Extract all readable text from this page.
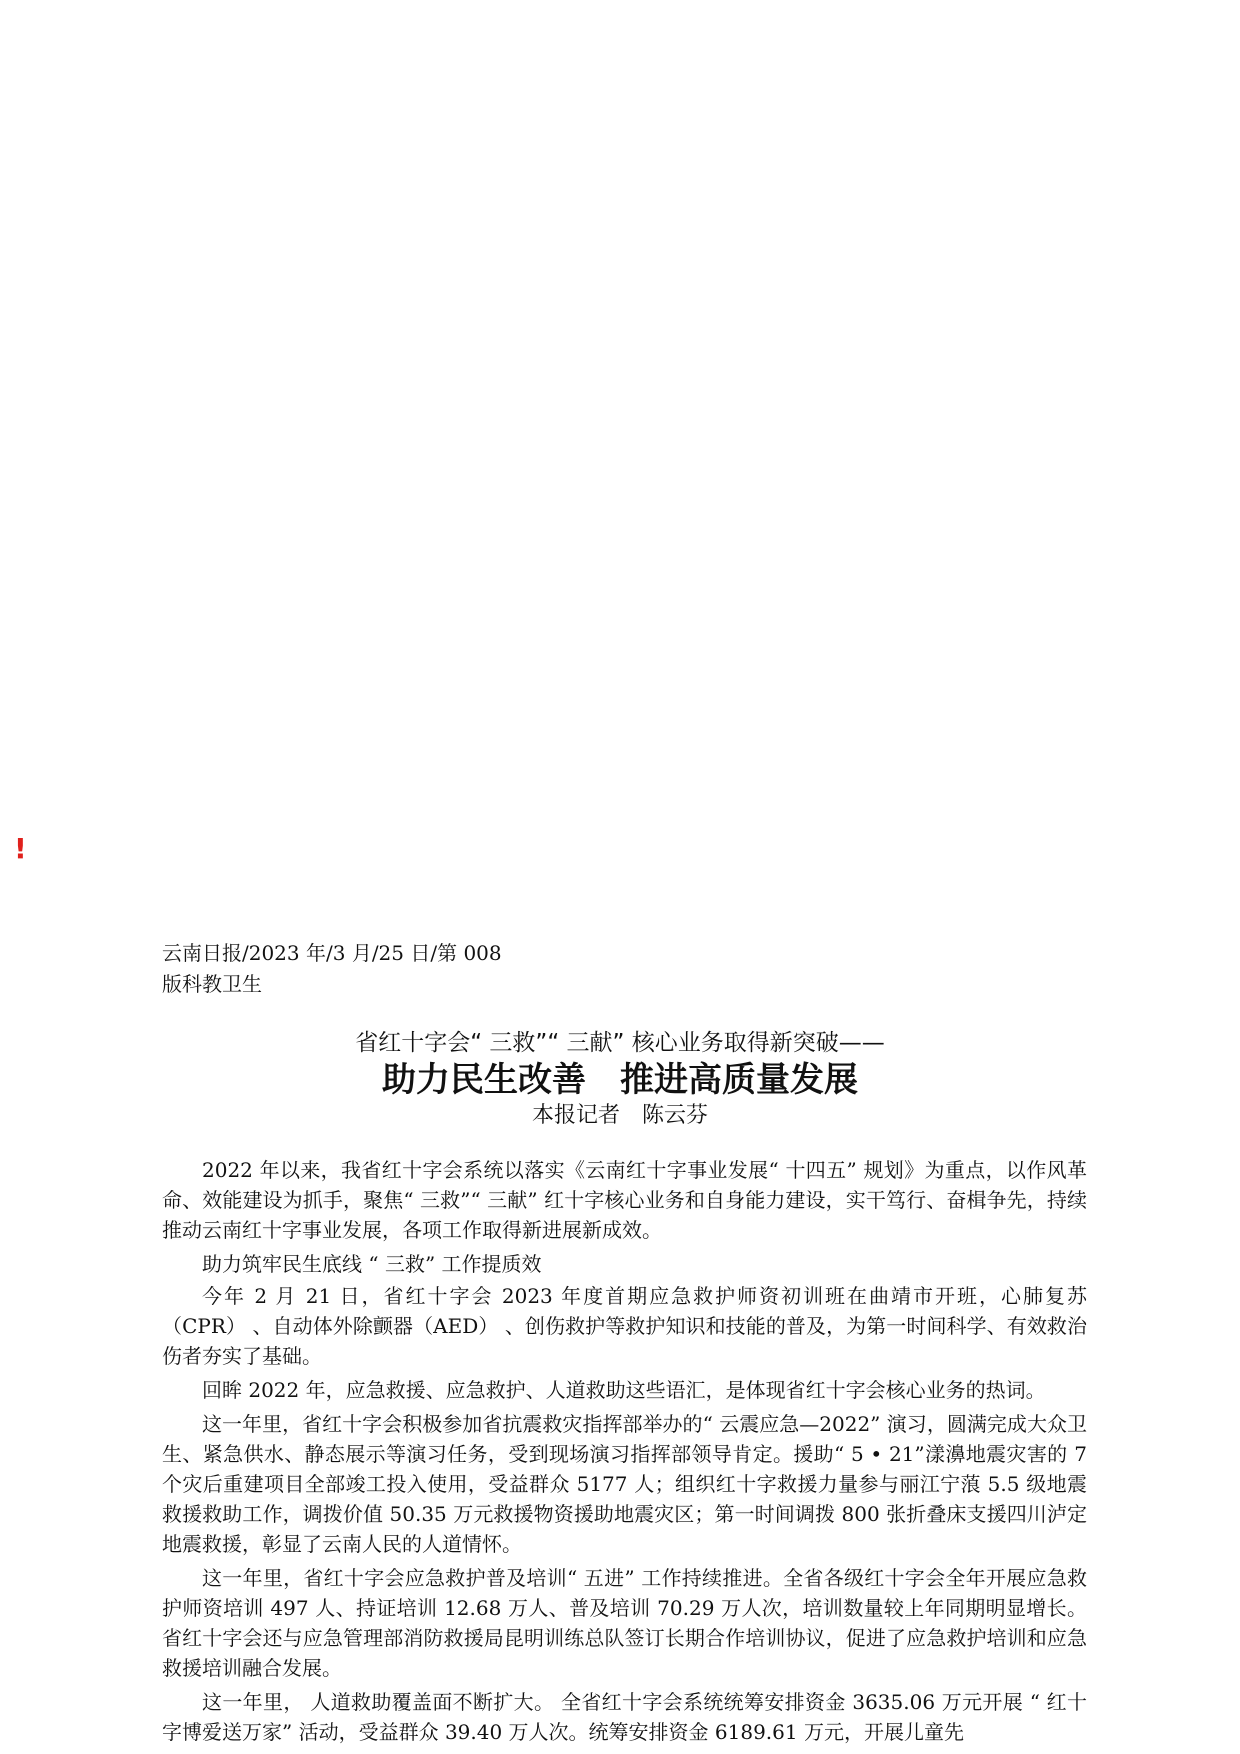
!
云南日报/2023 年/3 月/25 日/第 008
版科教卫生
省红十字会“ 三救”“ 三献” 核心业务取得新突破——
助力民生改善　推进高质量发展
本报记者　陈云芬

2022 年以来，我省红十字会系统以落实《云南红十字事业发展“ 十四五” 规划》为重点，以作风革命、效能建设为抓手，聚焦“ 三救”“ 三献” 红十字核心业务和自身能力建设，实干笃行、奋楫争先，持续推动云南红十字事业发展，各项工作取得新进展新成效。

助力筑牢民生底线 “ 三救” 工作提质效

今年 2 月 21 日，省红十字会 2023 年度首期应急救护师资初训班在曲靖市开班，心肺复苏（CPR） 、自动体外除颤器（AED） 、创伤救护等救护知识和技能的普及，为第一时间科学、有效救治伤者夯实了基础。

回眸 2022 年，应急救援、应急救护、人道救助这些语汇，是体现省红十字会核心业务的热词。

这一年里，省红十字会积极参加省抗震救灾指挥部举办的“ 云震应急—2022” 演习，圆满完成大众卫生、紧急供水、静态展示等演习任务，受到现场演习指挥部领导肯定。援助“ 5 • 21”漾濞地震灾害的 7 个灾后重建项目全部竣工投入使用，受益群众 5177 人；组织红十字救援力量参与丽江宁蒗 5.5 级地震救援救助工作，调拨价值 50.35 万元救援物资援助地震灾区；第一时间调拨 800 张折叠床支援四川泸定地震救援，彰显了云南人民的人道情怀。

这一年里，省红十字会应急救护普及培训“ 五进” 工作持续推进。全省各级红十字会全年开展应急救护师资培训 497 人、持证培训 12.68 万人、普及培训 70.29 万人次，培训数量较上年同期明显增长。省红十字会还与应急管理部消防救援局昆明训练总队签订长期合作培训协议，促进了应急救护培训和应急救援培训融合发展。

这一年里， 人道救助覆盖面不断扩大。 全省红十字会系统统筹安排资金 3635.06 万元开展 “ 红十字博爱送万家” 活动，受益群众 39.40 万人次。统筹安排资金 6189.61 万元，开展儿童先
